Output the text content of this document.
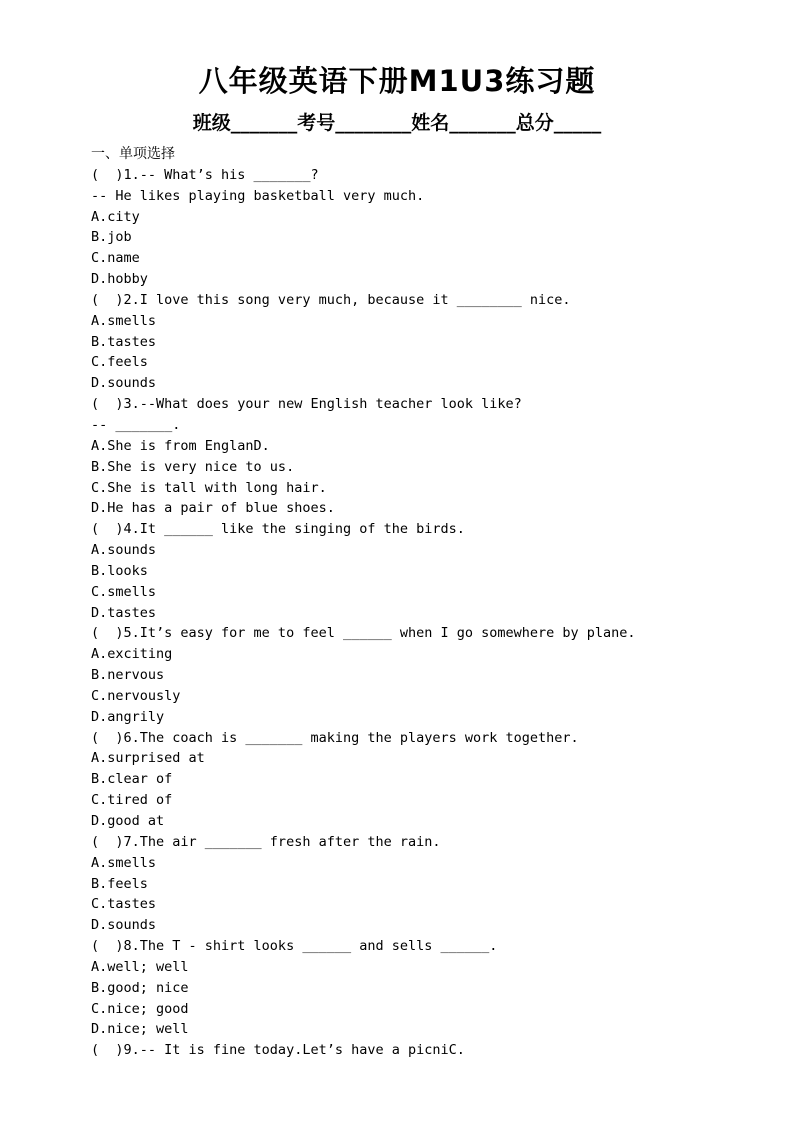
八年级英语下册M1U3练习题
班级_______考号________姓名_______总分_____
一、单项选择
(  )1.-- What’s his _______?
-- He likes playing basketball very much.
A.city
B.job
C.name
D.hobby
(  )2.I love this song very much, because it ________ nice.
A.smells
B.tastes
C.feels
D.sounds
(  )3.--What does your new English teacher look like?
-- _______.
A.She is from EnglanD.
B.She is very nice to us.
C.She is tall with long hair.
D.He has a pair of blue shoes.
(  )4.It ______ like the singing of the birds.
A.sounds
B.looks
C.smells
D.tastes
(  )5.It’s easy for me to feel ______ when I go somewhere by plane.
A.exciting
B.nervous
C.nervously
D.angrily
(  )6.The coach is _______ making the players work together.
A.surprised at
B.clear of
C.tired of
D.good at
(  )7.The air _______ fresh after the rain.
A.smells
B.feels
C.tastes
D.sounds
(  )8.The T - shirt looks ______ and sells ______.
A.well; well
B.good; nice
C.nice; good
D.nice; well
(  )9.-- It is fine today.Let’s have a picniC.
